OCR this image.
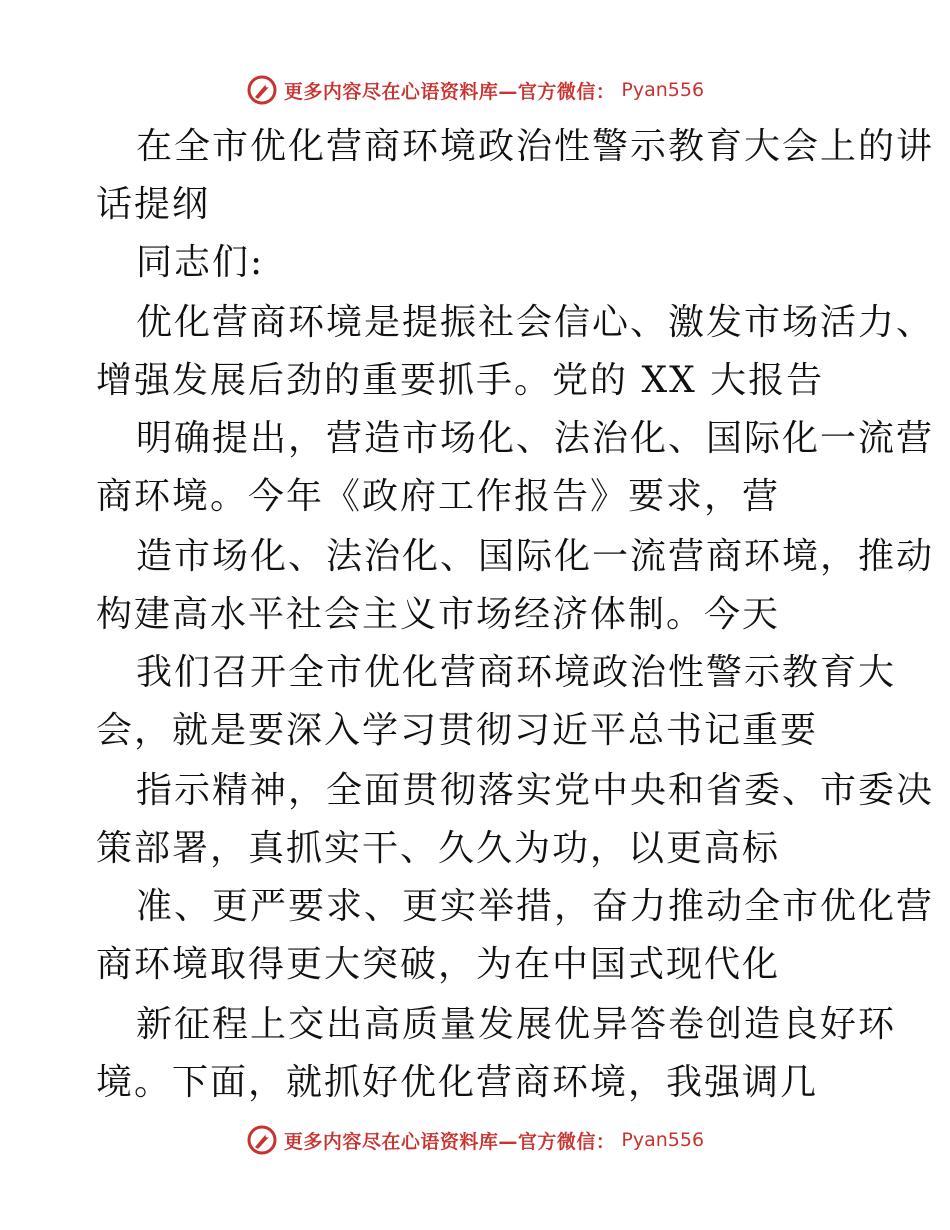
更多内容尽在心语资料库—官方微信： Pyan556
在全市优化营商环境政治性警示教育大会上的讲
话提纲
同志们:
优化营商环境是提振社会信心、激发市场活力、
增强发展后劲的重要抓手。党的 XX 大报告
明确提出，营造市场化、法治化、国际化一流营
商环境。今年《政府工作报告》要求，营
造市场化、法治化、国际化一流营商环境，推动
构建高水平社会主义市场经济体制。今天
我们召开全市优化营商环境政治性警示教育大
会，就是要深入学习贯彻习近平总书记重要
指示精神，全面贯彻落实党中央和省委、市委决
策部署，真抓实干、久久为功，以更高标
准、更严要求、更实举措，奋力推动全市优化营
商环境取得更大突破，为在中国式现代化
新征程上交出高质量发展优异答卷创造良好环
境。下面，就抓好优化营商环境，我强调几
更多内容尽在心语资料库—官方微信： Pyan556
